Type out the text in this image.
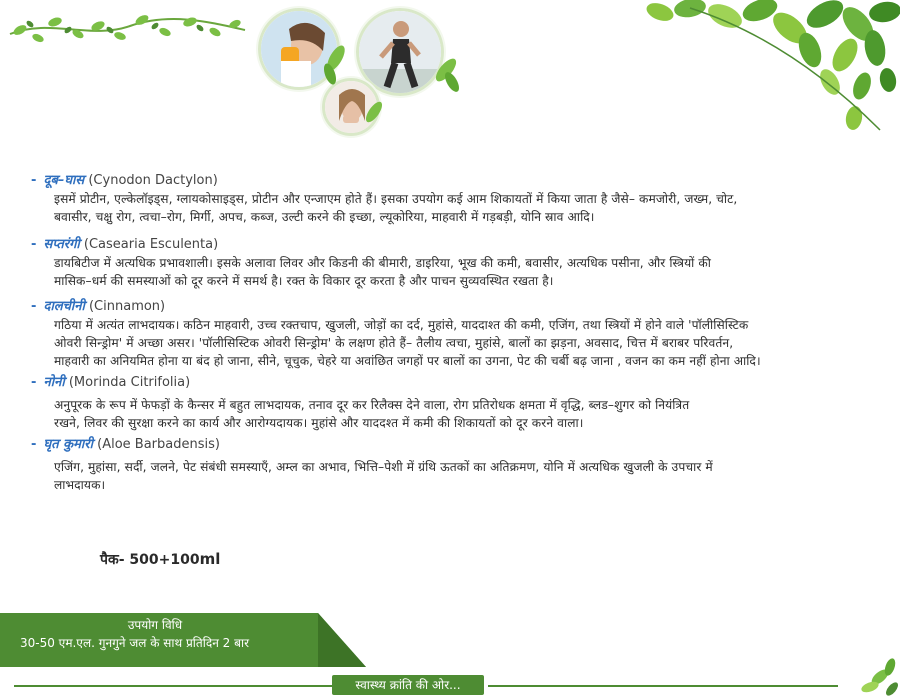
- दूब–घास (Cynodon Dactylon)
इसमें प्रोटीन, एल्केलॉइड्स, ग्लायकोसाइड्स, प्रोटीन और एन्जाएम होते हैं। इसका उपयोग कई आम शिकायतों में किया जाता है जैसे– कमजोरी, जख्म, चोट,
बवासीर, चक्षु रोग, त्वचा–रोग, मिर्गी, अपच, कब्ज, उल्टी करने की इच्छा, ल्यूकोरिया, माहवारी में गड़बड़ी, योनि स्राव आदि।
- सप्तरंगी (Casearia Esculenta)
डायबिटीज में अत्यधिक प्रभावशाली। इसके अलावा लिवर और किडनी की बीमारी, डाइरिया, भूख की कमी, बवासीर, अत्यधिक पसीना, और स्त्रियों की
मासिक–धर्म की समस्याओं को दूर करने में समर्थ है। रक्त के विकार दूर करता है और पाचन सुव्यवस्थित रखता है।
- दालचीनी (Cinnamon)
गठिया में अत्यंत लाभदायक। कठिन माहवारी, उच्च रक्तचाप, खुजली, जोड़ों का दर्द, मुहांसे, याददाश्त की कमी, एजिंग, तथा स्त्रियों में होने वाले 'पॉलीसिस्टिक
ओवरी सिन्ड्रोम' में अच्छा असर। 'पॉलीसिस्टिक ओवरी सिन्ड्रोम' के लक्षण होते हैं– तैलीय त्वचा, मुहांसे, बालों का झड़ना, अवसाद, चित्त में बराबर परिवर्तन,
माहवारी का अनियमित होना या बंद हो जाना, सीने, चूचुक, चेहरे या अवांछित जगहों पर बालों का उगना, पेट की चर्बी बढ़ जाना , वजन का कम नहीं होना आदि।
- नोनी (Morinda Citrifolia)
अनुपूरक के रूप में फेफड़ों के कैन्सर में बहुत लाभदायक, तनाव दूर कर रिलैक्स देने वाला, रोग प्रतिरोधक क्षमता में वृद्धि, ब्लड–शुगर को नियंत्रित
रखने, लिवर की सुरक्षा करने का कार्य और आरोग्यदायक। मुहांसे और याददश्त में कमी की शिकायतों को दूर करने वाला।
- घृत कुमारी (Aloe Barbadensis)
एजिंग, मुहांसा, सर्दी, जलने, पेट संबंधी समस्याएँ, अम्ल का अभाव, भित्ति–पेशी में ग्रंथि ऊतकों का अतिक्रमण, योनि में अत्यधिक खुजली के उपचार में
लाभदायक।
पैक- 500+100ml
उपयोग विधि
30-50 एम.एल. गुनगुने जल के साथ प्रतिदिन 2 बार
स्वास्थ्य क्रांति की ओर...
